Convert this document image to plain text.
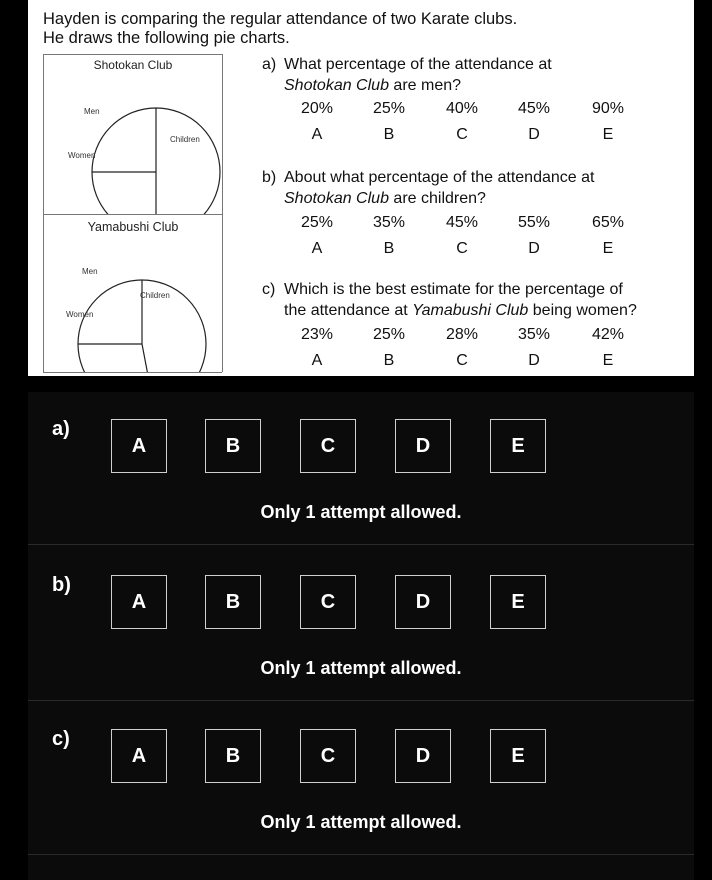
Hayden is comparing the regular attendance of two Karate clubs.
He draws the following pie charts.
Shotokan Club
Men
Children
Women
Yamabushi Club
Men
Children
Women
a) What percentage of the attendance at
Shotokan Club are men?
20%	25%	40%	45%	90%
A	B	C	D	E
b) About what percentage of the attendance at
Shotokan Club are children?
25%	35%	45%	55%	65%
A	B	C	D	E
c) Which is the best estimate for the percentage of
the attendance at Yamabushi Club being women?
23%	25%	28%	35%	42%
A	B	C	D	E
a)
A	B	C	D	E
Only 1 attempt allowed.
b)
A	B	C	D	E
Only 1 attempt allowed.
c)
A	B	C	D	E
Only 1 attempt allowed.
